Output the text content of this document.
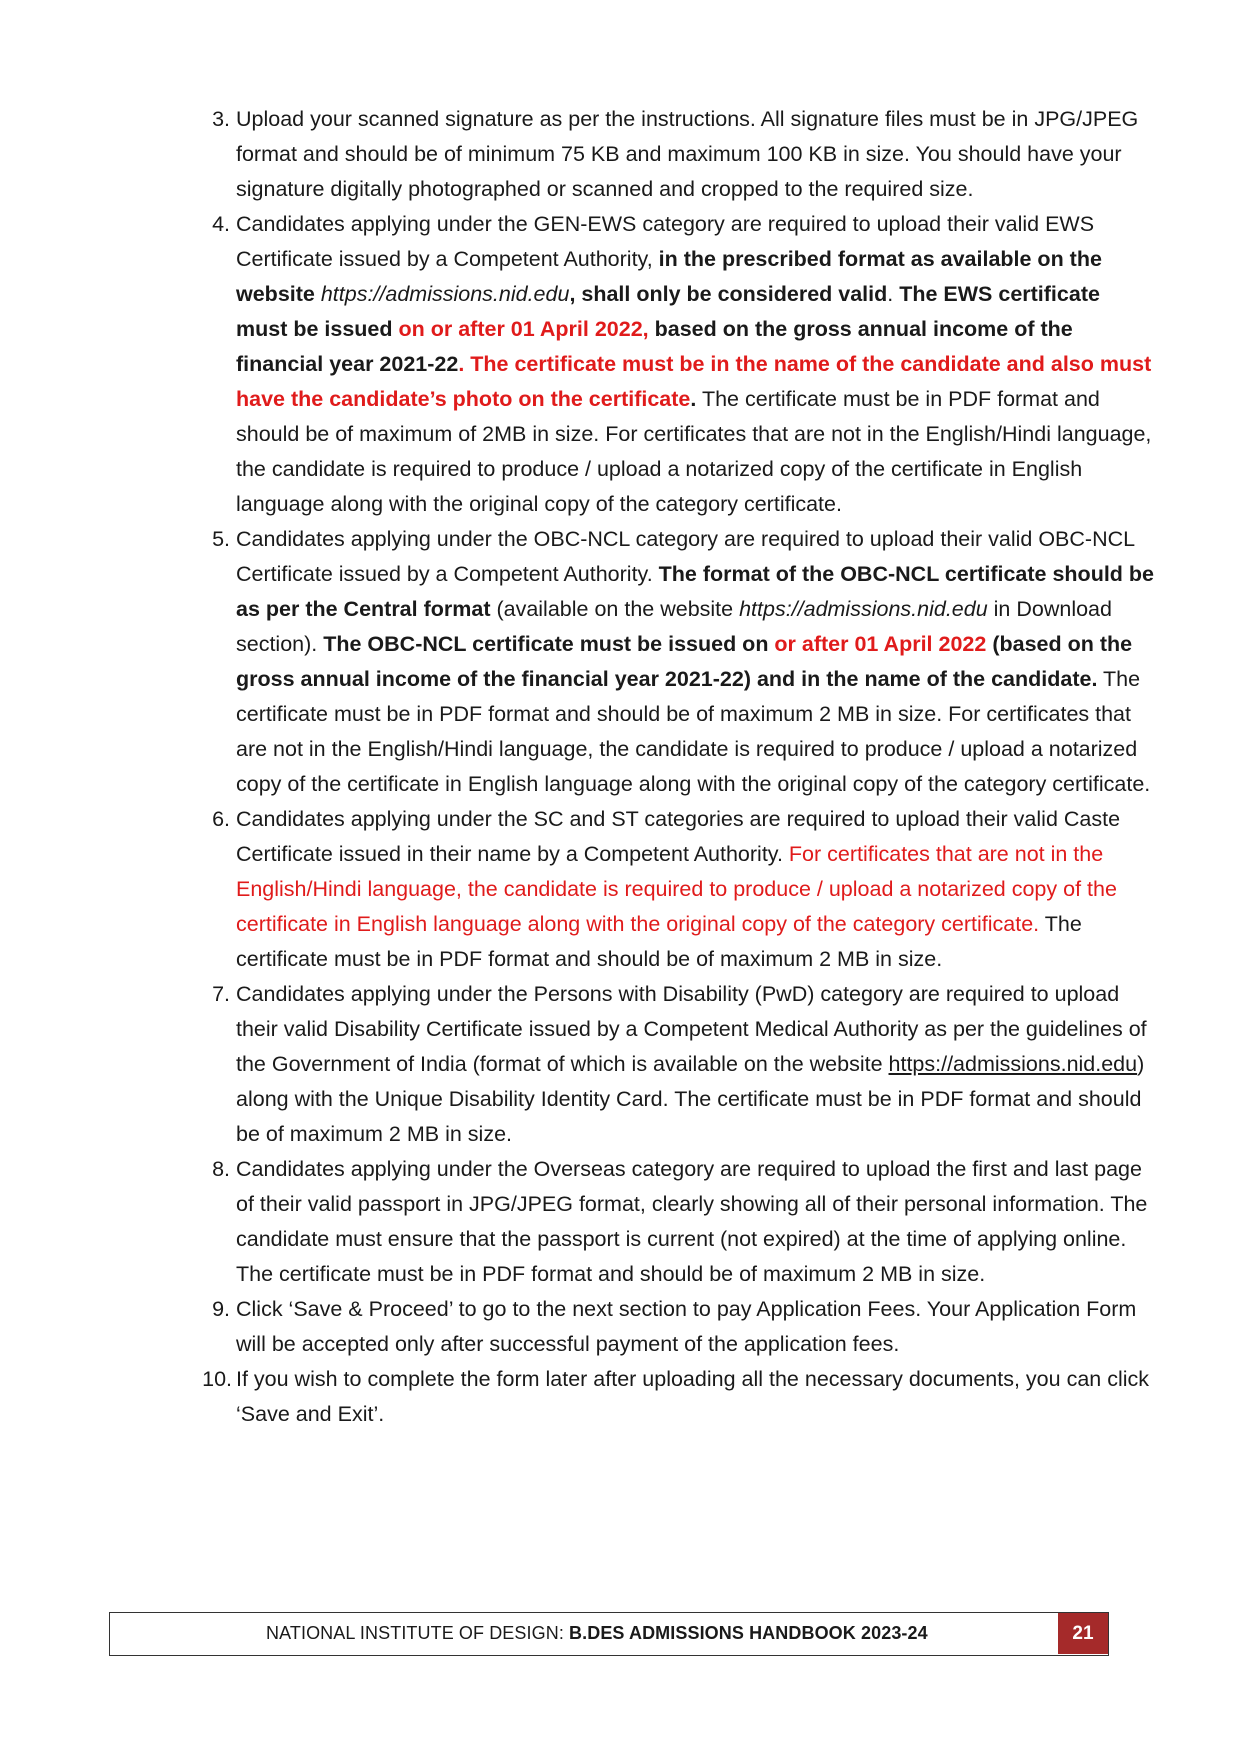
3. Upload your scanned signature as per the instructions. All signature files must be in JPG/JPEG format and should be of minimum 75 KB and maximum 100 KB in size. You should have your signature digitally photographed or scanned and cropped to the required size.
4. Candidates applying under the GEN-EWS category are required to upload their valid EWS Certificate issued by a Competent Authority, in the prescribed format as available on the website https://admissions.nid.edu, shall only be considered valid. The EWS certificate must be issued on or after 01 April 2022, based on the gross annual income of the financial year 2021-22. The certificate must be in the name of the candidate and also must have the candidate’s photo on the certificate. The certificate must be in PDF format and should be of maximum of 2MB in size. For certificates that are not in the English/Hindi language, the candidate is required to produce / upload a notarized copy of the certificate in English language along with the original copy of the category certificate.
5. Candidates applying under the OBC-NCL category are required to upload their valid OBC-NCL Certificate issued by a Competent Authority. The format of the OBC-NCL certificate should be as per the Central format (available on the website https://admissions.nid.edu in Download section). The OBC-NCL certificate must be issued on or after 01 April 2022 (based on the gross annual income of the financial year 2021-22) and in the name of the candidate. The certificate must be in PDF format and should be of maximum 2 MB in size. For certificates that are not in the English/Hindi language, the candidate is required to produce / upload a notarized copy of the certificate in English language along with the original copy of the category certificate.
6. Candidates applying under the SC and ST categories are required to upload their valid Caste Certificate issued in their name by a Competent Authority. For certificates that are not in the English/Hindi language, the candidate is required to produce / upload a notarized copy of the certificate in English language along with the original copy of the category certificate. The certificate must be in PDF format and should be of maximum 2 MB in size.
7. Candidates applying under the Persons with Disability (PwD) category are required to upload their valid Disability Certificate issued by a Competent Medical Authority as per the guidelines of the Government of India (format of which is available on the website https://admissions.nid.edu) along with the Unique Disability Identity Card. The certificate must be in PDF format and should be of maximum 2 MB in size.
8. Candidates applying under the Overseas category are required to upload the first and last page of their valid passport in JPG/JPEG format, clearly showing all of their personal information. The candidate must ensure that the passport is current (not expired) at the time of applying online. The certificate must be in PDF format and should be of maximum 2 MB in size.
9. Click ‘Save & Proceed’ to go to the next section to pay Application Fees. Your Application Form will be accepted only after successful payment of the application fees.
10. If you wish to complete the form later after uploading all the necessary documents, you can click ‘Save and Exit’.
NATIONAL INSTITUTE OF DESIGN: B.DES ADMISSIONS HANDBOOK 2023-24	21
